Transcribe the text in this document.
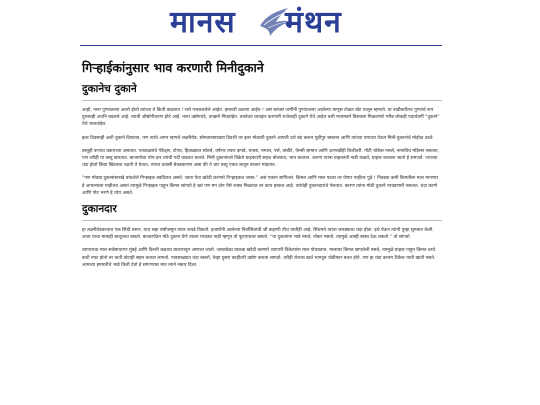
मानस मंथन
गिऱ्हाईकांनुसार भाव करणारी मिनीदुकाने
दुकानेच दुकाने

आहो, नाना पुण्यातल्या आलो होतो त्यांच्या ते किती वाढलाय ! रस्ते गजबजलेले आहेत. इमारती उठल्या आहेत ! असं बरंचसं जणींनी पुण्यातल्या आलेल्या माणूस टोळत बोट घालून म्हणतो. या वाढीकरीतच पुण्याचे रूप दुरुस्तही अधनि बदलले आहे. त्याची औद्योगीकरण होते आहे. नाना उद्योगधंदे, उपक्रमे निघतांहेत. तर्काच्या व्यवहार करणारी राजेशाही दुकाने येथे आहेत तशी मध्यमवर्ग विस्ताला मिळवणारे गरीब लोकही पदार्थवर्गी “दुकाने” येथे चालतांहेत.

इतर दिवसाही अशी दुकाने दिसतात, पण त्यांचे आगर म्हणजे लक्ष्मीरोड. सोमवारसारख्या दिवशी तर इतर मोठाली दुकाने आपली दारे बंद करून पुढीपुर बसतात आणि त्यांच्या पायथ्या येऊन मिनी-दुकानांचे मोहोळ उठते.

वस्तूही बऱ्याच प्रकारच्या असतात. पत्रावळ्यांचे पॅकेट्स, टोप्या, हिवाळ्यात स्वेटर्स, वर्षभर तयार कपडे, चपला, रुमाल, पर्स, तांबीटे, फॅन्सी सामान आणि आणखीही कितीतरी. गोटी चोकेस नसले, नानाविध मॉडेल्स नसतात, पण तरीही या वस्तू खपतात. बाजारपेठा योग-दार त्यांची गर्दी वाढवत चालते. मिनी दुकानांतले विक्रेते ग्राहकांशी सहज बोलतात, भाव करतात. कारण त्यांना ग्राहकांची नाडी कळते, ग्राहक कशाला जातो हे समजते. ज्याच्या धंदा होतो किंवा खिशाला चढती ते घेतात. त्यांचा धाडसी बेधडकपणा असा की ते चार वस्तू एकत्र लावून बाजार मांडतात.

“पण मोठ्या दुकानांसारखे बांधलेले गिऱ्हाइक क्वचितच असते. जाता येता खरेदी करणारे गिऱ्हाइकच जास्त.” असं एकानं सांगितलं. किंमत आणि माल पटला तर घेणार नाहीतर पुढे ! निवडक कमी किमतीला माल मागणार हे आपल्याला माहीतच असतं त्यामुळे गिऱ्हाइक पाहून किंमत सांगतो हे खरं पण मग दोन पैसे जास्त मिळतात तर काय हरकत आहे. त्यांचेही दुकानदारांचे पेलतात. कारण त्यांना मोठी दुकाने परवडणारी नसतात. धंदा करणे आणि पोट भरणे हे ध्येय असते.

दुकानदार

हा लक्ष्मीरोडवरचाच एक सिंधी तरुण. याच सहा वर्षांपासून तयार कपडे विकतो. हजारोंनी आलेल्या निर्वासितांची जी कहाणी तीच याचीही आहे. सिंधमधे त्यांचा कपड्याचा धंदा होता. इथे येऊन त्यांनी पुन्हा सुरुवात केली. आता याचा मामाही बाजूलाच बसतो. बाजारपेठेत मोठे दुकान घेणे त्याला परवडत नाही म्हणून तो फूटपाथवर बसतो. “या दुकानांना भाडे नसते, नोकर नसतो, त्यामुळे आम्ही स्वस्त देऊ शकतो.” तो सांगतो.

व्यापाराचा माल सर्वसाधारण मुंबई आणि दिल्ली कडच्या बाजारातून आणला जातो. जास्तवेळा घाऊक खरेदी करणारे व्यापारी विक्रेत्यांना माल पोचवतात. मालावर किंमत छापलेली नसते, त्यामुळे ग्राहक पाहून किंमत ठरते. कधी नफा होतो तर कधी तोटाही सहन करावा लागतो. पावसाळ्यात धंदा बसतो, तेव्हा दुसरा काहीतरी उद्योग करावा लागतो. तरीही रोजचा खर्च भागवून थोडीफार बचत होते. पण हा धंदा कायम टिकेल याची खात्री नसते. आमच्या इमारतीचे भाडे किती देतो हे सांगण्यास मात्र त्याने नकार दिला.
